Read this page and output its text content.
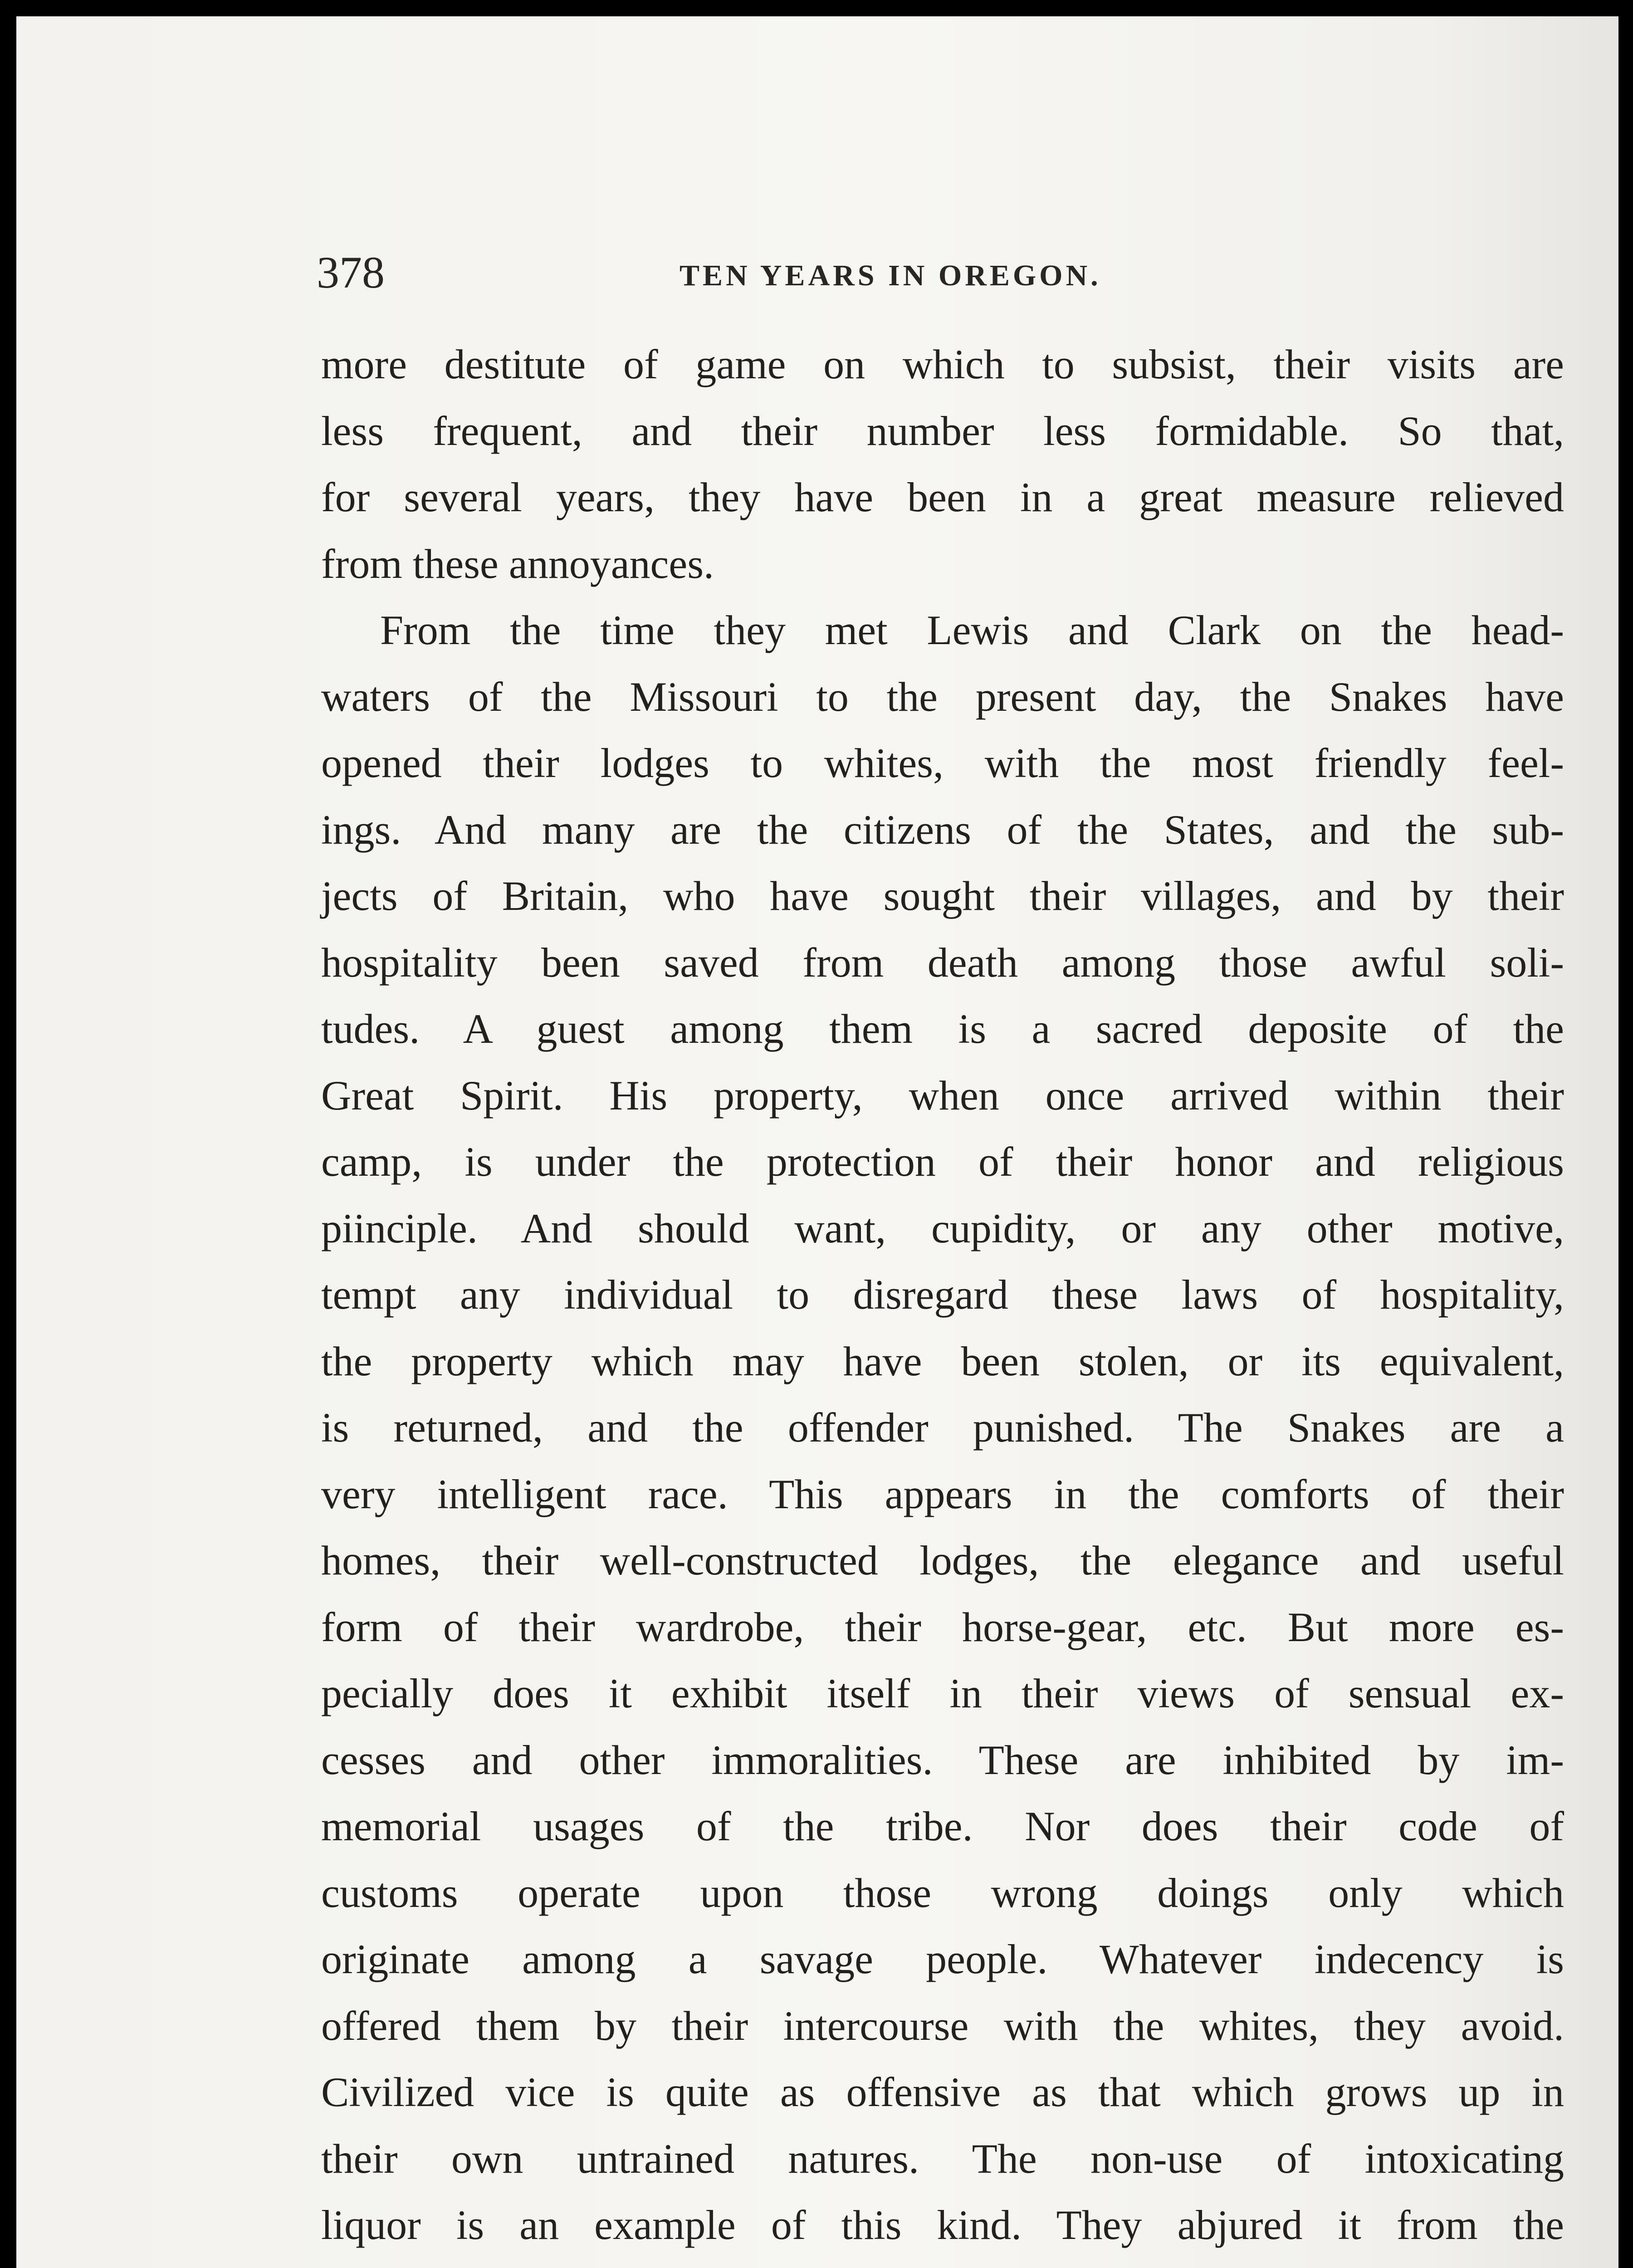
378	TEN YEARS IN OREGON.
more destitute of game on which to subsist, their visits are
less frequent, and their number less formidable. So that,
for several years, they have been in a great measure relieved
from these annoyances.
From the time they met Lewis and Clark on the head-
waters of the Missouri to the present day, the Snakes have
opened their lodges to whites, with the most friendly feel-
ings. And many are the citizens of the States, and the sub-
jects of Britain, who have sought their villages, and by their
hospitality been saved from death among those awful soli-
tudes. A guest among them is a sacred deposite of the
Great Spirit. His property, when once arrived within their
camp, is under the protection of their honor and religious
piinciple. And should want, cupidity, or any other motive,
tempt any individual to disregard these laws of hospitality,
the property which may have been stolen, or its equivalent,
is returned, and the offender punished. The Snakes are a
very intelligent race. This appears in the comforts of their
homes, their well-constructed lodges, the elegance and useful
form of their wardrobe, their horse-gear, etc. But more es-
pecially does it exhibit itself in their views of sensual ex-
cesses and other immoralities. These are inhibited by im-
memorial usages of the tribe. Nor does their code of
customs operate upon those wrong doings only which
originate among a savage people. Whatever indecency is
offered them by their intercourse with the whites, they avoid.
Civilized vice is quite as offensive as that which grows up in
their own untrained natures. The non-use of intoxicating
liquor is an example of this kind. They abjured it from the
